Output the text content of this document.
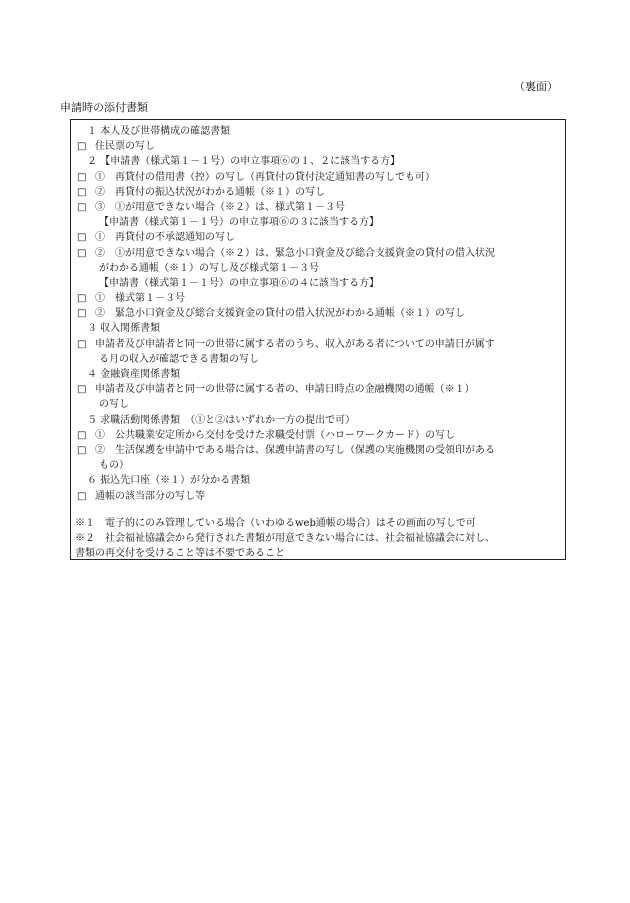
（裏面）
申請時の添付書類
１ 本人及び世帯構成の確認書類
□ 住民票の写し
２ 【申請書（様式第１－１号）の申立事項⑥の１、２に該当する方】
□ ①　再貸付の借用書（控）の写し（再貸付の貸付決定通知書の写しでも可）
□ ②　再貸付の振込状況がわかる通帳（※１）の写し
□ ③　①が用意できない場合（※２）は、様式第１－３号
【申請書（様式第１－１号）の申立事項⑥の３に該当する方】
□ ①　再貸付の不承認通知の写し
□ ②　①が用意できない場合（※２）は、緊急小口資金及び総合支援資金の貸付の借入状況
がわかる通帳（※１）の写し及び様式第１－３号
【申請書（様式第１－１号）の申立事項⑥の４に該当する方】
□ ①　様式第１－３号
□ ②　緊急小口資金及び総合支援資金の貸付の借入状況がわかる通帳（※１）の写し
３ 収入関係書類
□ 申請者及び申請者と同一の世帯に属する者のうち、収入がある者についての申請日が属す
る月の収入が確認できる書類の写し
４ 金融資産関係書類
□ 申請者及び申請者と同一の世帯に属する者の、申請日時点の金融機関の通帳（※１）
の写し
５ 求職活動関係書類　（①と②はいずれか一方の提出で可）
□ ①　公共職業安定所から交付を受けた求職受付票（ハローワークカード）の写し
□ ②　生活保護を申請中である場合は、保護申請書の写し（保護の実施機関の受領印がある
もの）
６ 振込先口座（※１）が分かる書類
□ 通帳の該当部分の写し等
※１　電子的にのみ管理している場合（いわゆるweb通帳の場合）はその画面の写しで可
※２　社会福祉協議会から発行された書類が用意できない場合には、社会福祉協議会に対し、
書類の再交付を受けること等は不要であること
